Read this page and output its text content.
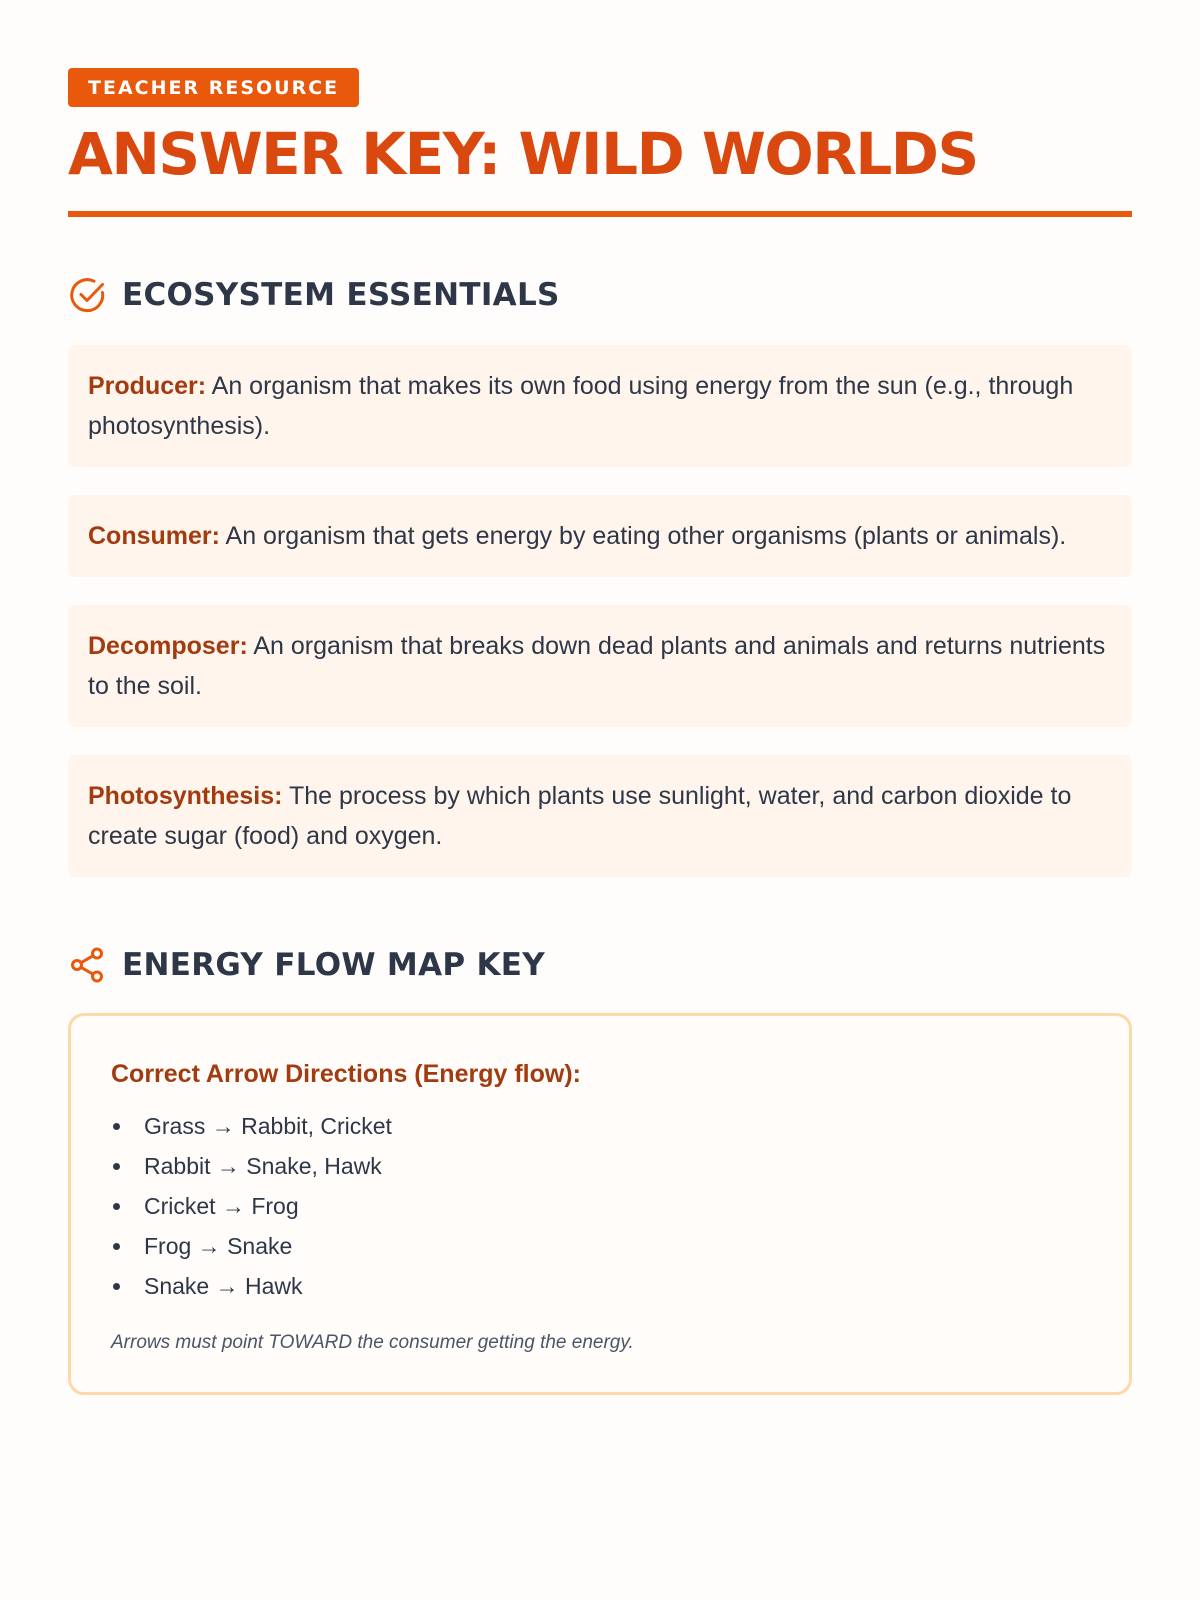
TEACHER RESOURCE
ANSWER KEY: WILD WORLDS
ECOSYSTEM ESSENTIALS
Producer: An organism that makes its own food using energy from the sun (e.g., through photosynthesis).
Consumer: An organism that gets energy by eating other organisms (plants or animals).
Decomposer: An organism that breaks down dead plants and animals and returns nutrients to the soil.
Photosynthesis: The process by which plants use sunlight, water, and carbon dioxide to create sugar (food) and oxygen.
ENERGY FLOW MAP KEY
Correct Arrow Directions (Energy flow):
Grass → Rabbit, Cricket
Rabbit → Snake, Hawk
Cricket → Frog
Frog → Snake
Snake → Hawk

Arrows must point TOWARD the consumer getting the energy.
